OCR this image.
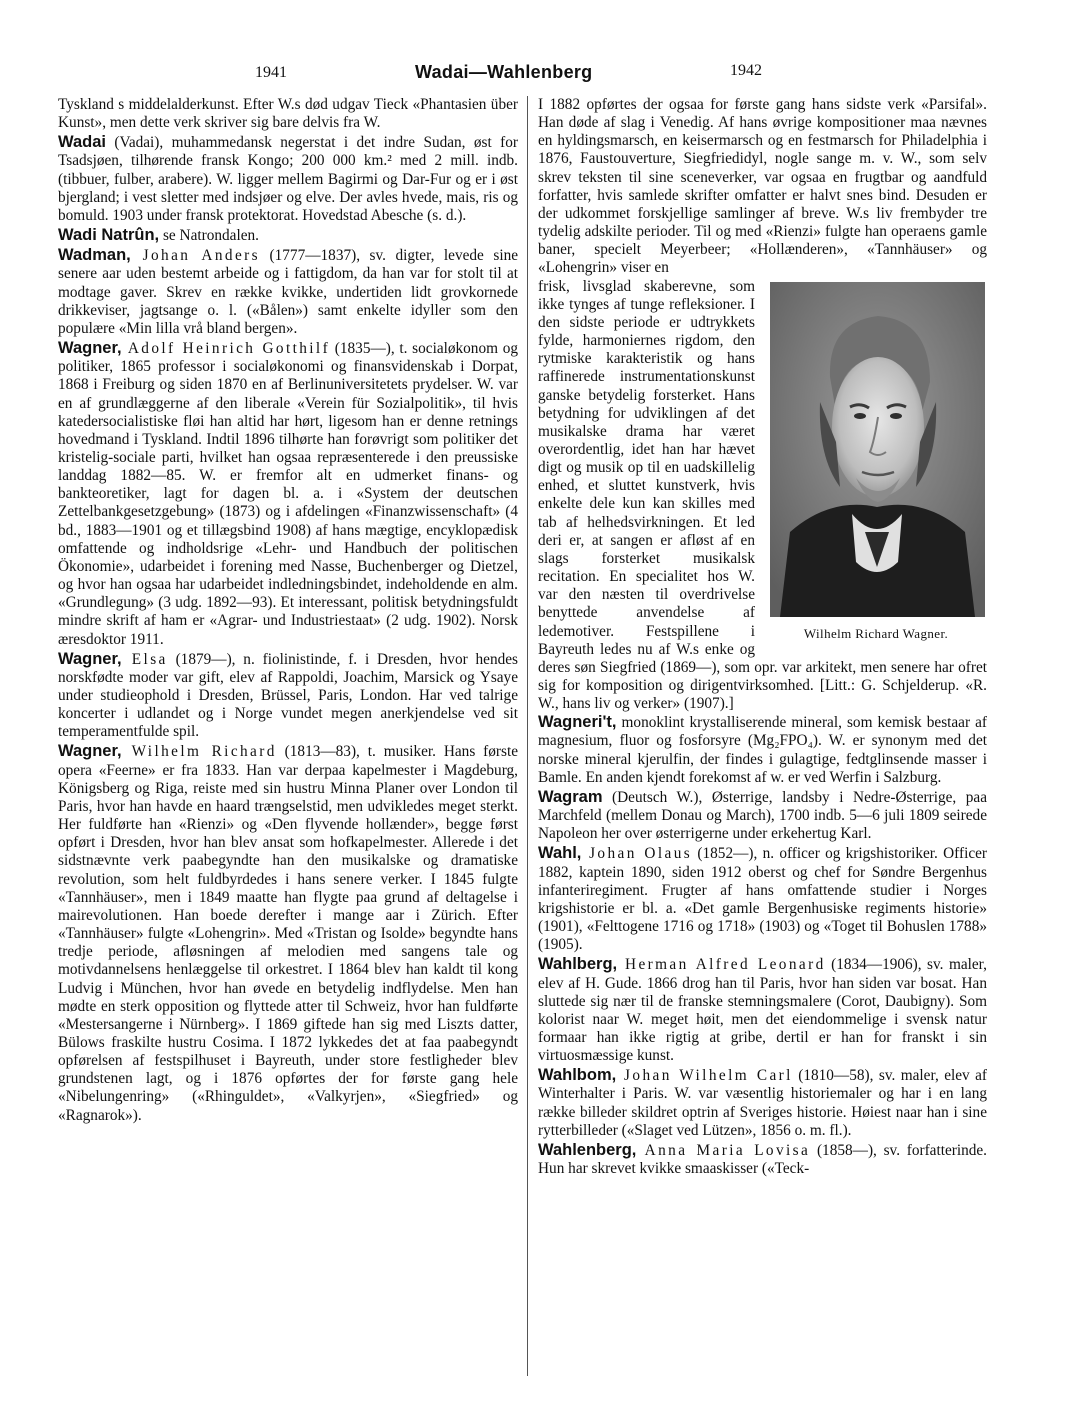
1941	Wadai—Wahlenberg	1942

Tyskland s middelalderkunst. Efter W.s død udgav Tieck «Phantasien über Kunst», men dette verk skriver sig bare delvis fra W.

Wadai (Vadai), muhammedansk negerstat i det indre Sudan, øst for Tsadsjøen, tilhørende fransk Kongo; 200 000 km.² med 2 mill. indb. (tibbuer, fulber, arabere). W. ligger mellem Bagirmi og Dar-Fur og er i øst bjergland; i vest sletter med indsjøer og elve. Der avles hvede, mais, ris og bomuld. 1903 under fransk protektorat. Hovedstad Abesche (s. d.).

Wadi Natrûn, se Natrondalen.

Wadman, Johan Anders (1777—1837), sv. digter, levede sine senere aar uden bestemt arbeide og i fattigdom, da han var for stolt til at modtage gaver. Skrev en række kvikke, undertiden lidt grovkornede drikkeviser, jagtsange o. l. («Bålen») samt enkelte idyller som den populære «Min lilla vrå bland bergen».

Wagner, Adolf Heinrich Gotthilf (1835—), t. socialøkonom og politiker, 1865 professor i socialøkonomi og finansvidenskab i Dorpat, 1868 i Freiburg og siden 1870 en af Berlinuniversitetets prydelser. W. var en af grundlæggerne af den liberale «Verein für Sozialpolitik», til hvis katedersocialistiske fløi han altid har hørt, ligesom han er denne retnings hovedmand i Tyskland. Indtil 1896 tilhørte han forøvrigt som politiker det kristelig-sociale parti, hvilket han ogsaa repræsenterede i den preussiske landdag 1882—85. W. er fremfor alt en udmerket finans- og bankteoretiker, lagt for dagen bl. a. i «System der deutschen Zettelbankgesetzgebung» (1873) og i afdelingen «Finanzwissenschaft» (4 bd., 1883—1901 og et tillægsbind 1908) af hans mægtige, encyklopædisk omfattende og indholdsrige «Lehr- und Handbuch der politischen Ökonomie», udarbeidet i forening med Nasse, Buchenberger og Dietzel, og hvor han ogsaa har udarbeidet indledningsbindet, indeholdende en alm. «Grundlegung» (3 udg. 1892—93). Et interessant, politisk betydningsfuldt mindre skrift af ham er «Agrar- und Industriestaat» (2 udg. 1902). Norsk æresdoktor 1911.

Wagner, Elsa (1879—), n. fiolinistinde, f. i Dresden, hvor hendes norskfødte moder var gift, elev af Rappoldi, Joachim, Marsick og Ysaye under studieophold i Dresden, Brüssel, Paris, London. Har ved talrige koncerter i udlandet og i Norge vundet megen anerkjendelse ved sit temperamentfulde spil.

Wagner, Wilhelm Richard (1813—83), t. musiker. Hans første opera «Feerne» er fra 1833. Han var derpaa kapelmester i Magdeburg, Königsberg og Riga, reiste med sin hustru Minna Planer over London til Paris, hvor han havde en haard trængselstid, men udvikledes meget sterkt. Her fuldførte han «Rienzi» og «Den flyvende hollænder», begge først opført i Dresden, hvor han blev ansat som hofkapelmester. Allerede i det sidstnævnte verk paabegyndte han den musikalske og dramatiske revolution, som helt fuldbyrdedes i hans senere verker. I 1845 fulgte «Tannhäuser», men i 1849 maatte han flygte paa grund af deltagelse i mairevolutionen. Han boede derefter i mange aar i Zürich. Efter «Tannhäuser» fulgte «Lohengrin». Med «Tristan og Isolde» begyndte hans tredje periode, afløsningen af melodien med sangens tale og motivdannelsens henlæggelse til orkestret. I 1864 blev han kaldt til kong Ludvig i München, hvor han øvede en betydelig indflydelse. Men han mødte en sterk opposition og flyttede atter til Schweiz, hvor han fuldførte «Mestersangerne i Nürnberg». I 1869 giftede han sig med Liszts datter, Bülows fraskilte hustru Cosima. I 1872 lykkedes det at faa paabegyndt opførelsen af festspilhuset i Bayreuth, under store festligheder blev grundstenen lagt, og i 1876 opførtes der for første gang hele «Nibelungenring» («Rhinguldet», «Valkyrjen», «Siegfried» og «Ragnarok»).

I 1882 opførtes der ogsaa for første gang hans sidste verk «Parsifal». Han døde af slag i Venedig. Af hans øvrige kompositioner maa nævnes en hyldingsmarsch, en keisermarsch og en festmarsch for Philadelphia i 1876, Faustouverture, Siegfriedidyl, nogle sange m. v. W., som selv skrev teksten til sine sceneverker, var ogsaa en frugtbar og aandfuld forfatter, hvis samlede skrifter omfatter er halvt snes bind. Desuden er der udkommet forskjellige samlinger af breve. W.s liv frembyder tre tydelig adskilte perioder. Til og med «Rienzi» fulgte han operaens gamle baner, specielt Meyerbeer; «Hollænderen», «Tannhäuser» og «Lohengrin» viser en

Wilhelm Richard Wagner.

frisk, livsglad skaberevne, som ikke tynges af tunge refleksioner. I den sidste periode er udtrykkets fylde, harmoniernes rigdom, den rytmiske karakteristik og hans raffinerede instrumentationskunst ganske betydelig forsterket. Hans betydning for udviklingen af det musikalske drama har været overordentlig, idet han har hævet digt og musik op til en uadskillelig enhed, et sluttet kunstverk, hvis enkelte dele kun kan skilles med tab af helhedsvirkningen. Et led deri er, at sangen er afløst af en slags forsterket musikalsk recitation. En specialitet hos W. var den næsten til overdrivelse benyttede anvendelse af ledemotiver. Festspillene i Bayreuth ledes nu af W.s enke og deres søn Siegfried (1869—), som opr. var arkitekt, men senere har ofret sig for komposition og dirigentvirksomhed. [Litt.: G. Schjelderup. «R. W., hans liv og verker» (1907).]

Wagneri't, monoklint krystalliserende mineral, som kemisk bestaar af magnesium, fluor og fosforsyre (Mg₂FPO₄). W. er synonym med det norske mineral kjerulfin, der findes i gulagtige, fedtglinsende masser i Bamle. En anden kjendt forekomst af w. er ved Werfin i Salzburg.

Wagram (Deutsch W.), Østerrige, landsby i Nedre-Østerrige, paa Marchfeld (mellem Donau og March), 1700 indb. 5—6 juli 1809 seirede Napoleon her over østerrigerne under erkehertug Karl.

Wahl, Johan Olaus (1852—), n. officer og krigshistoriker. Officer 1882, kaptein 1890, siden 1912 oberst og chef for Søndre Bergenhus infanteriregiment. Frugter af hans omfattende studier i Norges krigshistorie er bl. a. «Det gamle Bergenhusiske regiments historie» (1901), «Felttogene 1716 og 1718» (1903) og «Toget til Bohuslen 1788» (1905).

Wahlberg, Herman Alfred Leonard (1834—1906), sv. maler, elev af H. Gude. 1866 drog han til Paris, hvor han siden var bosat. Han sluttede sig nær til de franske stemningsmalere (Corot, Daubigny). Som kolorist naar W. meget høit, men det eiendommelige i svensk natur formaar han ikke rigtig at gribe, dertil er han for franskt i sin virtuosmæssige kunst.

Wahlbom, Johan Wilhelm Carl (1810—58), sv. maler, elev af Winterhalter i Paris. W. var væsentlig historiemaler og har i en lang række billeder skildret optrin af Sveriges historie. Høiest naar han i sine rytterbilleder («Slaget ved Lützen», 1856 o. m. fl.).

Wahlenberg, Anna Maria Lovisa (1858—), sv. forfatterinde. Hun har skrevet kvikke smaaskisser («Teck-
